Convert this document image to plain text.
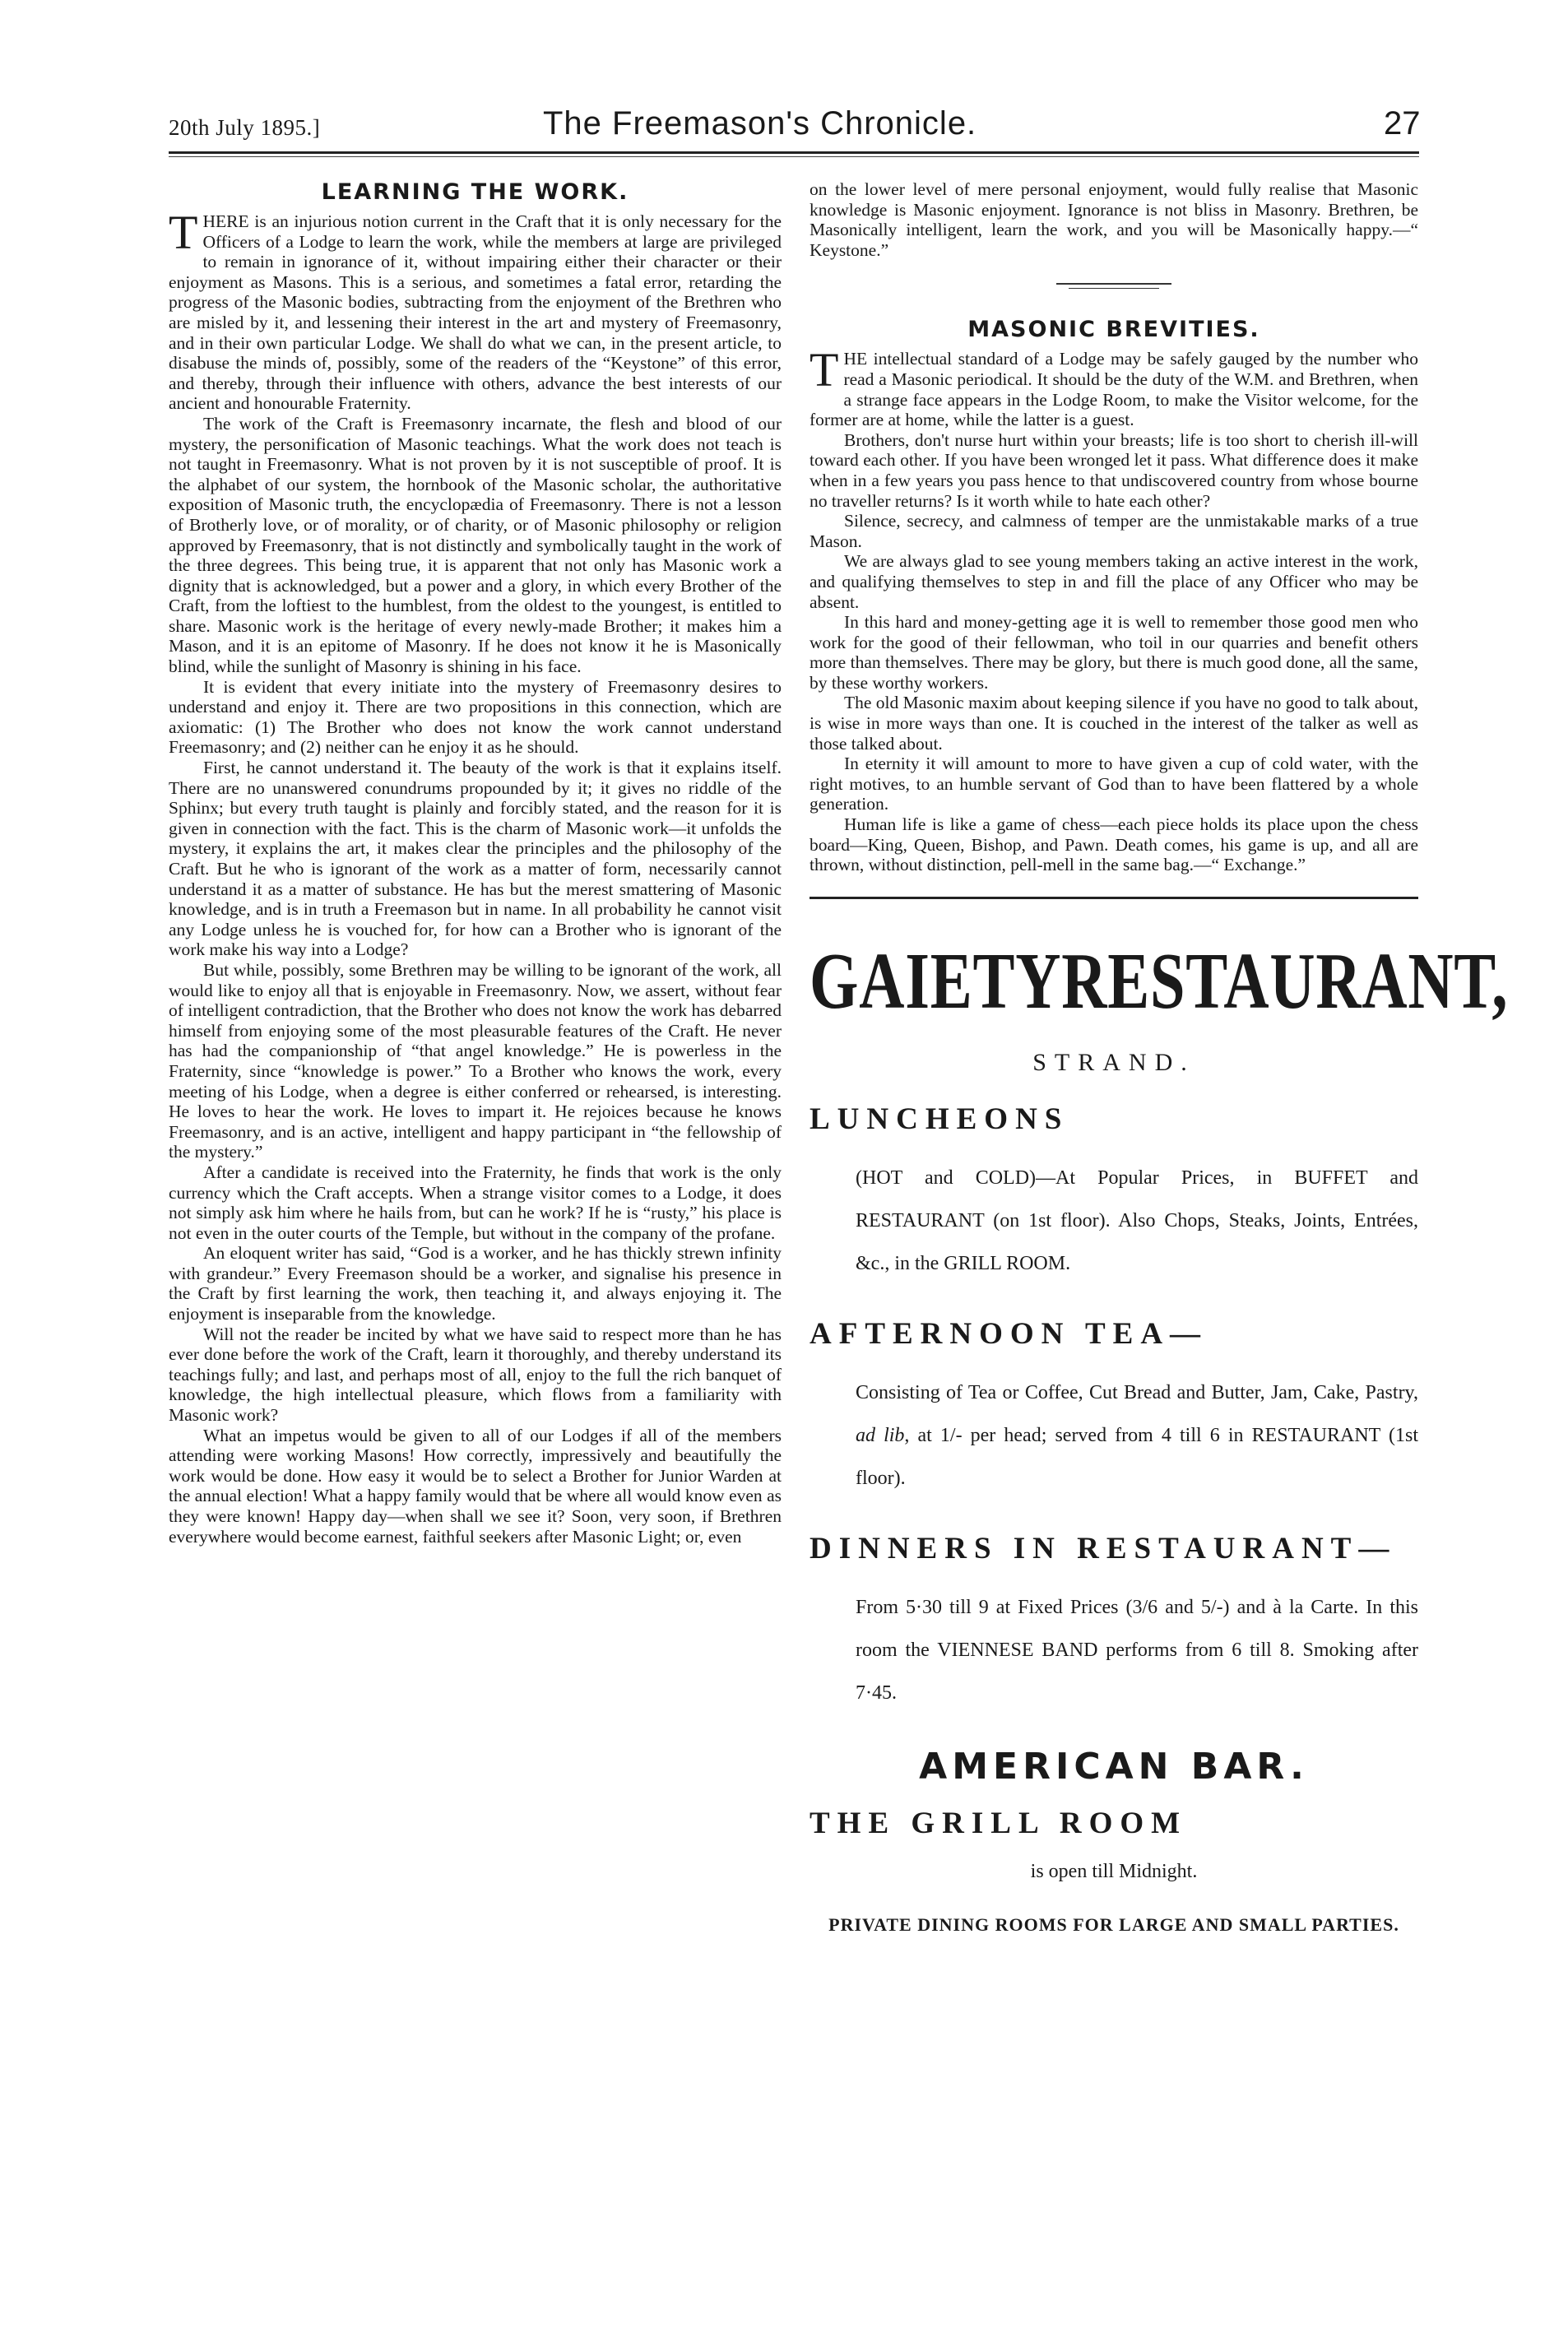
20th July 1895.]	The Freemason's Chronicle.	27
LEARNING THE WORK.

THERE is an injurious notion current in the Craft that it is only necessary for the Officers of a Lodge to learn the work, while the members at large are privileged to remain in ignorance of it, without impairing either their character or their enjoyment as Masons. This is a serious, and sometimes a fatal error, retarding the progress of the Masonic bodies, subtracting from the enjoyment of the Brethren who are misled by it, and lessening their interest in the art and mystery of Freemasonry, and in their own particular Lodge. We shall do what we can, in the present article, to disabuse the minds of, possibly, some of the readers of the “Keystone” of this error, and thereby, through their influence with others, advance the best interests of our ancient and honourable Fraternity.

The work of the Craft is Freemasonry incarnate, the flesh and blood of our mystery, the personification of Masonic teachings. What the work does not teach is not taught in Freemasonry. What is not proven by it is not susceptible of proof. It is the alphabet of our system, the hornbook of the Masonic scholar, the authoritative exposition of Masonic truth, the encyclopædia of Freemasonry. There is not a lesson of Brotherly love, or of morality, or of charity, or of Masonic philosophy or religion approved by Freemasonry, that is not distinctly and symbolically taught in the work of the three degrees. This being true, it is apparent that not only has Masonic work a dignity that is acknowledged, but a power and a glory, in which every Brother of the Craft, from the loftiest to the humblest, from the oldest to the youngest, is entitled to share. Masonic work is the heritage of every newly-made Brother; it makes him a Mason, and it is an epitome of Masonry. If he does not know it he is Masonically blind, while the sunlight of Masonry is shining in his face.

It is evident that every initiate into the mystery of Freemasonry desires to understand and enjoy it. There are two propositions in this connection, which are axiomatic: (1) The Brother who does not know the work cannot understand Freemasonry; and (2) neither can he enjoy it as he should.

First, he cannot understand it. The beauty of the work is that it explains itself. There are no unanswered conundrums propounded by it; it gives no riddle of the Sphinx; but every truth taught is plainly and forcibly stated, and the reason for it is given in connection with the fact. This is the charm of Masonic work—it unfolds the mystery, it explains the art, it makes clear the principles and the philosophy of the Craft. But he who is ignorant of the work as a matter of form, necessarily cannot understand it as a matter of substance. He has but the merest smattering of Masonic knowledge, and is in truth a Freemason but in name. In all probability he cannot visit any Lodge unless he is vouched for, for how can a Brother who is ignorant of the work make his way into a Lodge?

But while, possibly, some Brethren may be willing to be ignorant of the work, all would like to enjoy all that is enjoyable in Freemasonry. Now, we assert, without fear of intelligent contradiction, that the Brother who does not know the work has debarred himself from enjoying some of the most pleasurable features of the Craft. He never has had the companionship of “that angel knowledge.” He is powerless in the Fraternity, since “knowledge is power.” To a Brother who knows the work, every meeting of his Lodge, when a degree is either conferred or rehearsed, is interesting. He loves to hear the work. He loves to impart it. He rejoices because he knows Freemasonry, and is an active, intelligent and happy participant in “the fellowship of the mystery.”

After a candidate is received into the Fraternity, he finds that work is the only currency which the Craft accepts. When a strange visitor comes to a Lodge, it does not simply ask him where he hails from, but can he work? If he is “rusty,” his place is not even in the outer courts of the Temple, but without in the company of the profane.

An eloquent writer has said, “God is a worker, and he has thickly strewn infinity with grandeur.” Every Freemason should be a worker, and signalise his presence in the Craft by first learning the work, then teaching it, and always enjoying it. The enjoyment is inseparable from the knowledge.

Will not the reader be incited by what we have said to respect more than he has ever done before the work of the Craft, learn it thoroughly, and thereby understand its teachings fully; and last, and perhaps most of all, enjoy to the full the rich banquet of knowledge, the high intellectual pleasure, which flows from a familiarity with Masonic work?

What an impetus would be given to all of our Lodges if all of the members attending were working Masons! How correctly, impressively and beautifully the work would be done. How easy it would be to select a Brother for Junior Warden at the annual election! What a happy family would that be where all would know even as they were known! Happy day—when shall we see it? Soon, very soon, if Brethren everywhere would become earnest, faithful seekers after Masonic Light; or, even

on the lower level of mere personal enjoyment, would fully realise that Masonic knowledge is Masonic enjoyment. Ignorance is not bliss in Masonry. Brethren, be Masonically intelligent, learn the work, and you will be Masonically happy.—“ Keystone.”

MASONIC BREVITIES.

THE intellectual standard of a Lodge may be safely gauged by the number who read a Masonic periodical. It should be the duty of the W.M. and Brethren, when a strange face appears in the Lodge Room, to make the Visitor welcome, for the former are at home, while the latter is a guest.

Brothers, don't nurse hurt within your breasts; life is too short to cherish ill-will toward each other. If you have been wronged let it pass. What difference does it make when in a few years you pass hence to that undiscovered country from whose bourne no traveller returns? Is it worth while to hate each other?

Silence, secrecy, and calmness of temper are the unmistakable marks of a true Mason.

We are always glad to see young members taking an active interest in the work, and qualifying themselves to step in and fill the place of any Officer who may be absent.

In this hard and money-getting age it is well to remember those good men who work for the good of their fellowman, who toil in our quarries and benefit others more than themselves. There may be glory, but there is much good done, all the same, by these worthy workers.

The old Masonic maxim about keeping silence if you have no good to talk about, is wise in more ways than one. It is couched in the interest of the talker as well as those talked about.

In eternity it will amount to more to have given a cup of cold water, with the right motives, to an humble servant of God than to have been flattered by a whole generation.

Human life is like a game of chess—each piece holds its place upon the chess board—King, Queen, Bishop, and Pawn. Death comes, his game is up, and all are thrown, without distinction, pell-mell in the same bag.—“ Exchange.”

GAIETY RESTAURANT,
STRAND.
LUNCHEONS
(HOT and COLD)—At Popular Prices, in BUFFET and RESTAURANT (on 1st floor). Also Chops, Steaks, Joints, Entrées, &c., in the GRILL ROOM.
AFTERNOON TEA—
Consisting of Tea or Coffee, Cut Bread and Butter, Jam, Cake, Pastry, ad lib, at 1/- per head; served from 4 till 6 in RESTAURANT (1st floor).
DINNERS IN RESTAURANT—
From 5·30 till 9 at Fixed Prices (3/6 and 5/-) and à la Carte. In this room the VIENNESE BAND performs from 6 till 8. Smoking after 7·45.
AMERICAN BAR.
THE GRILL ROOM
is open till Midnight.
PRIVATE DINING ROOMS FOR LARGE AND SMALL PARTIES.
